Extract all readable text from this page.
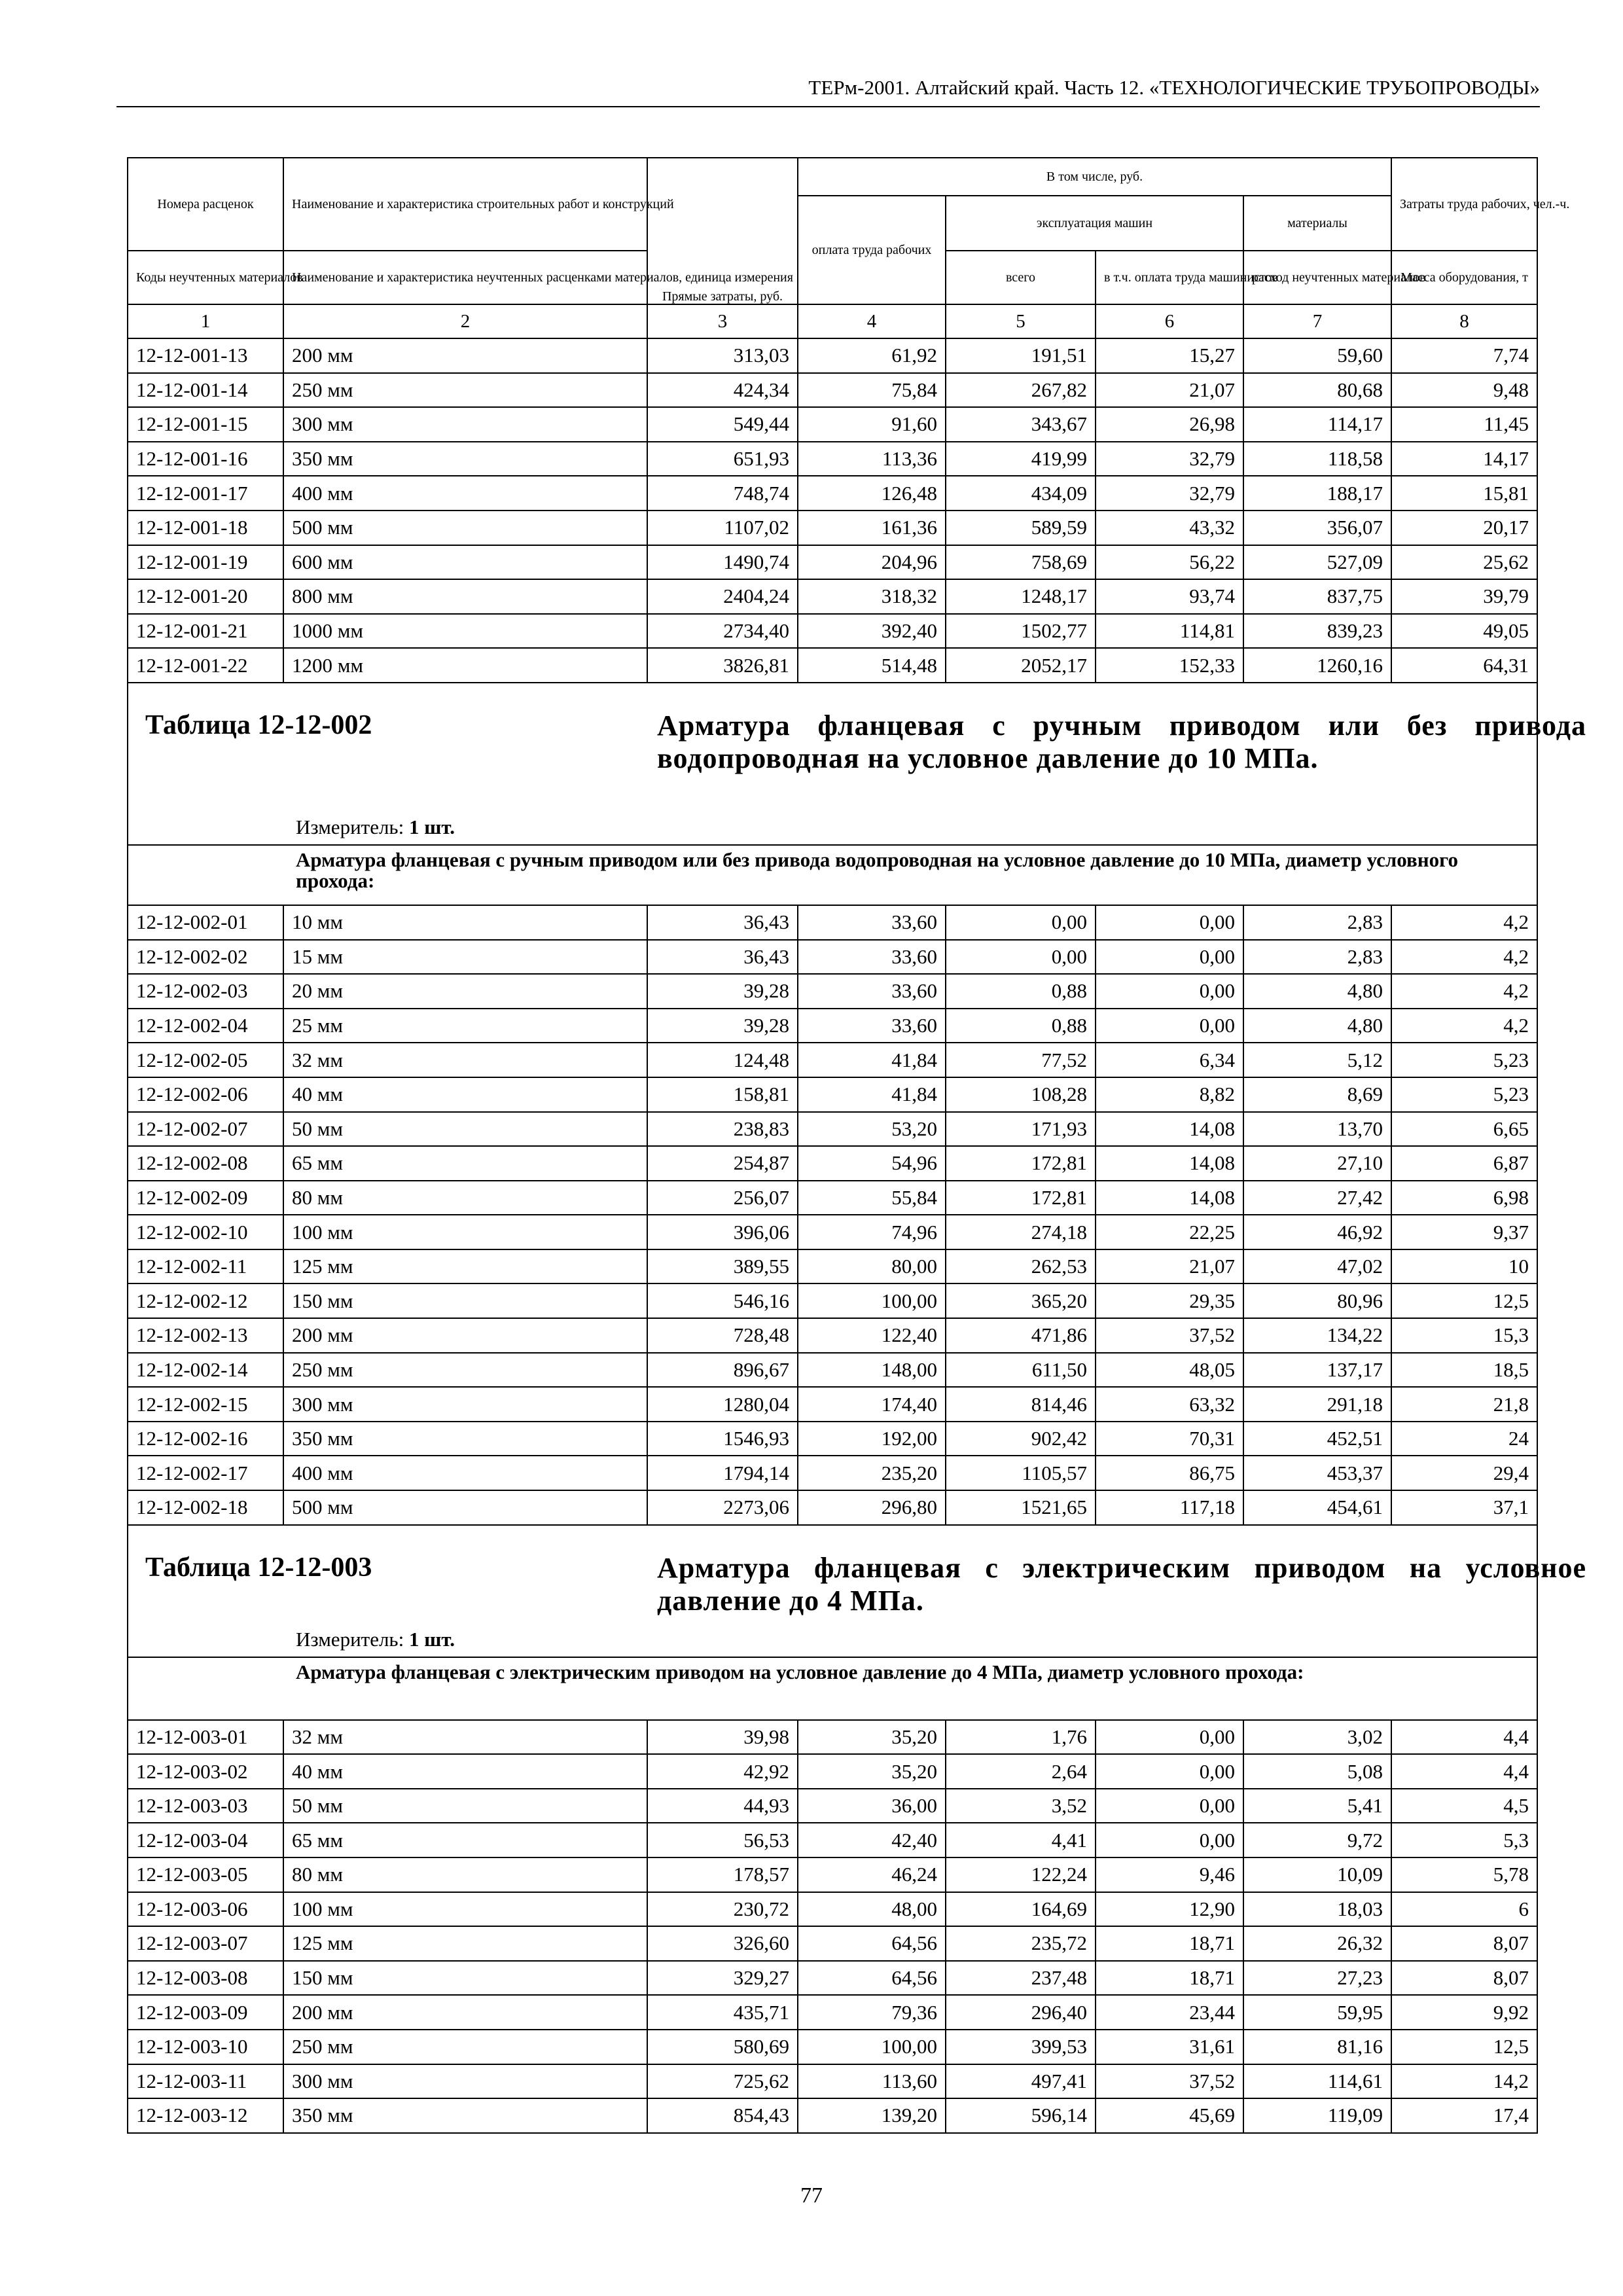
ТЕРм-2001. Алтайский край. Часть 12. «ТЕХНОЛОГИЧЕСКИЕ ТРУБОПРОВОДЫ»
Номера расценок	Наименование и характеристика строительных работ и конструкций	Прямые затраты, руб.	В том числе, руб.				Затраты труда рабочих, чел.-ч.
			оплата труда рабочих	эксплуатация машин		материалы	
Коды неучтенных материалов	Наименование и характеристика неучтенных расценками материалов, единица измерения			всего	в т.ч. оплата труда машинистов	расход неучтенных материалов	Масса оборудования, т
1	2	3	4	5	6	7	8
12-12-001-13	200 мм	313,03	61,92	191,51	15,27	59,60	7,74
12-12-001-14	250 мм	424,34	75,84	267,82	21,07	80,68	9,48
12-12-001-15	300 мм	549,44	91,60	343,67	26,98	114,17	11,45
12-12-001-16	350 мм	651,93	113,36	419,99	32,79	118,58	14,17
12-12-001-17	400 мм	748,74	126,48	434,09	32,79	188,17	15,81
12-12-001-18	500 мм	1107,02	161,36	589,59	43,32	356,07	20,17
12-12-001-19	600 мм	1490,74	204,96	758,69	56,22	527,09	25,62
12-12-001-20	800 мм	2404,24	318,32	1248,17	93,74	837,75	39,79
12-12-001-21	1000 мм	2734,40	392,40	1502,77	114,81	839,23	49,05
12-12-001-22	1200 мм	3826,81	514,48	2052,17	152,33	1260,16	64,31

Таблица 12-12-002 Арматура фланцевая с ручным приводом или без привода водопроводная на условное давление до 10 МПа.
Измеритель: 1 шт.							

Арматура фланцевая с ручным приводом или без привода водопроводная на условное давление до 10 МПа, диаметр условного прохода:							
12-12-002-01	10 мм	36,43	33,60	0,00	0,00	2,83	4,2
12-12-002-02	15 мм	36,43	33,60	0,00	0,00	2,83	4,2
12-12-002-03	20 мм	39,28	33,60	0,88	0,00	4,80	4,2
12-12-002-04	25 мм	39,28	33,60	0,88	0,00	4,80	4,2
12-12-002-05	32 мм	124,48	41,84	77,52	6,34	5,12	5,23
12-12-002-06	40 мм	158,81	41,84	108,28	8,82	8,69	5,23
12-12-002-07	50 мм	238,83	53,20	171,93	14,08	13,70	6,65
12-12-002-08	65 мм	254,87	54,96	172,81	14,08	27,10	6,87
12-12-002-09	80 мм	256,07	55,84	172,81	14,08	27,42	6,98
12-12-002-10	100 мм	396,06	74,96	274,18	22,25	46,92	9,37
12-12-002-11	125 мм	389,55	80,00	262,53	21,07	47,02	10
12-12-002-12	150 мм	546,16	100,00	365,20	29,35	80,96	12,5
12-12-002-13	200 мм	728,48	122,40	471,86	37,52	134,22	15,3
12-12-002-14	250 мм	896,67	148,00	611,50	48,05	137,17	18,5
12-12-002-15	300 мм	1280,04	174,40	814,46	63,32	291,18	21,8
12-12-002-16	350 мм	1546,93	192,00	902,42	70,31	452,51	24
12-12-002-17	400 мм	1794,14	235,20	1105,57	86,75	453,37	29,4
12-12-002-18	500 мм	2273,06	296,80	1521,65	117,18	454,61	37,1

Таблица 12-12-003 Арматура фланцевая с электрическим приводом на условное давление до 4 МПа.
Измеритель: 1 шт.							

Арматура фланцевая с электрическим приводом на условное давление до 4 МПа, диаметр условного прохода:							
12-12-003-01	32 мм	39,98	35,20	1,76	0,00	3,02	4,4
12-12-003-02	40 мм	42,92	35,20	2,64	0,00	5,08	4,4
12-12-003-03	50 мм	44,93	36,00	3,52	0,00	5,41	4,5
12-12-003-04	65 мм	56,53	42,40	4,41	0,00	9,72	5,3
12-12-003-05	80 мм	178,57	46,24	122,24	9,46	10,09	5,78
12-12-003-06	100 мм	230,72	48,00	164,69	12,90	18,03	6
12-12-003-07	125 мм	326,60	64,56	235,72	18,71	26,32	8,07
12-12-003-08	150 мм	329,27	64,56	237,48	18,71	27,23	8,07
12-12-003-09	200 мм	435,71	79,36	296,40	23,44	59,95	9,92
12-12-003-10	250 мм	580,69	100,00	399,53	31,61	81,16	12,5
12-12-003-11	300 мм	725,62	113,60	497,41	37,52	114,61	14,2
12-12-003-12	350 мм	854,43	139,20	596,14	45,69	119,09	17,4
77
